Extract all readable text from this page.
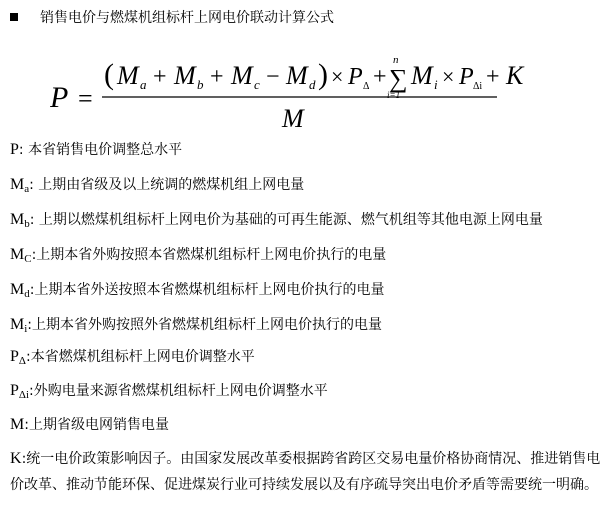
销售电价与燃煤机组标杆上网电价联动计算公式
P =
( M a + M b + M c − M d ) × P Δ +
n
∑
i=1
M i × P Δi + K
M
P: 本省销售电价调整总水平
$M_a$: 上期由省级及以上统调的燃煤机组上网电量
$M_b$: 上期以燃煤机组标杆上网电价为基础的可再生能源、燃气机组等其他电源上网电量
$M_C$:上期本省外购按照本省燃煤机组标杆上网电价执行的电量
$M_d$:上期本省外送按照本省燃煤机组标杆上网电价执行的电量
$M_i$:上期本省外购按照外省燃煤机组标杆上网电价执行的电量
$P_\Delta$:本省燃煤机组标杆上网电价调整水平
$P_{\Delta i}$:外购电量来源省燃煤机组标杆上网电价调整水平
M:上期省级电网销售电量
K:统一电价政策影响因子。由国家发展改革委根据跨省跨区交易电量价格协商情况、推进销售电价改革、推动节能环保、促进煤炭行业可持续发展以及有序疏导突出电价矛盾等需要统一明确。
